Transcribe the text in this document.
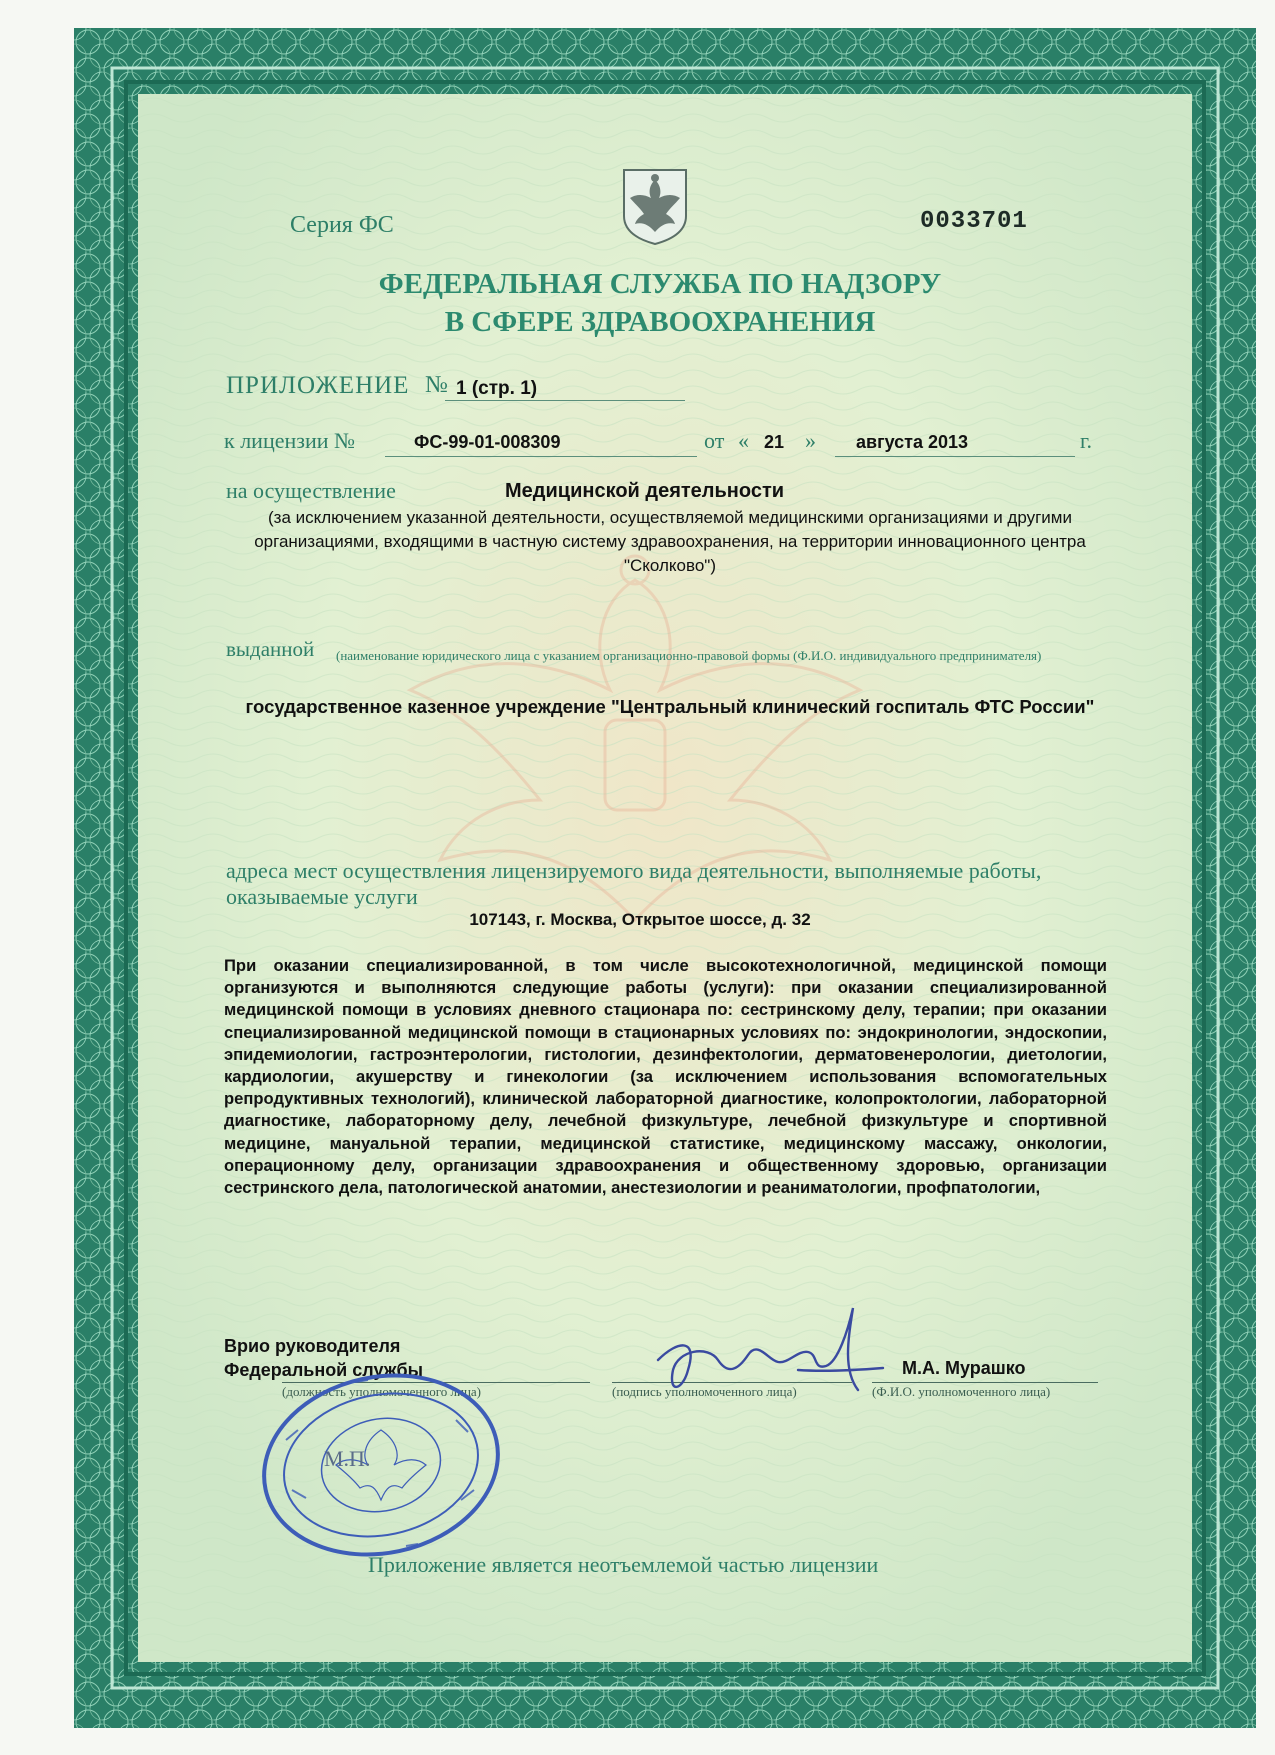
Серия ФС	0033701
ФЕДЕРАЛЬНАЯ СЛУЖБА ПО НАДЗОРУ
В СФЕРЕ ЗДРАВООХРАНЕНИЯ
ПРИЛОЖЕНИЕ № 1 (стр. 1)
к лицензии №	ФС-99-01-008309	от « 21 » августа 2013	г.
на осуществление	Медицинской деятельности
(за исключением указанной деятельности, осуществляемой медицинскими организациями и другими организациями, входящими в частную систему здравоохранения, на территории инновационного центра "Сколково")
выданной	(наименование юридического лица с указанием организационно-правовой формы (Ф.И.О. индивидуального предпринимателя)
государственное казенное учреждение "Центральный клинический госпиталь ФТС России"
адреса мест осуществления лицензируемого вида деятельности, выполняемые работы, оказываемые услуги
107143, г. Москва, Открытое шоссе, д. 32
При оказании специализированной, в том числе высокотехнологичной, медицинской помощи организуются и выполняются следующие работы (услуги): при оказании специализированной медицинской помощи в условиях дневного стационара по: сестринскому делу, терапии; при оказании специализированной медицинской помощи в стационарных условиях по: эндокринологии, эндоскопии, эпидемиологии, гастроэнтерологии, гистологии, дезинфектологии, дерматовенерологии, диетологии, кардиологии, акушерству и гинекологии (за исключением использования вспомогательных репродуктивных технологий), клинической лабораторной диагностике, колопроктологии, лабораторной диагностике, лабораторному делу, лечебной физкультуре, лечебной физкультуре и спортивной медицине, мануальной терапии, медицинской статистике, медицинскому массажу, онкологии, операционному делу, организации здравоохранения и общественному здоровью, организации сестринского дела, патологической анатомии, анестезиологии и реаниматологии, профпатологии,
Врио руководителя
Федеральной службы	М.А. Мурашко
(должность уполномоченного лица)	(подпись уполномоченного лица)	(Ф.И.О. уполномоченного лица)
М.П.
Приложение является неотъемлемой частью лицензии
